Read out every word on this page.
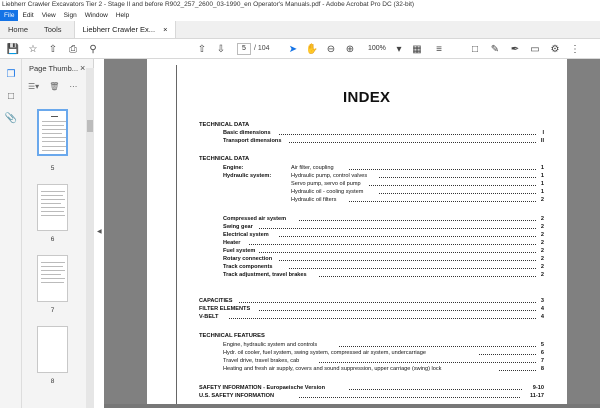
Liebherr Crawler Excavators Tier 2 - Stage II and before R902_257_2600_03-1990_en Operator's Manuals.pdf - Adobe Acrobat Pro DC (32-bit)
File	Edit	View	Sign	Window	Help
Home	Tools	Liebherr Crawler Ex... ×
💾 ☆ ⇧	⎙	⚲	⇧ ⇩	5	/ 104 ➤ ✋ ⊖ ⊕	100%	▾	▦	≡	□	✎ ✒ ▭ ⚙ ⋮
❐
□
📎
Page Thumb... ×
☰▾ 🗑 ⋯
5
6
7
8
◀
INDEX
TECHNICAL DATA
Basic dimensions	I
Transport dimensions	II
TECHNICAL DATA
Engine:	Air filter, coupling	1
Hydraulic system:	Hydraulic pump, control valves	1
Servo pump, servo oil pump	1
Hydraulic oil - cooling system	1
Hydraulic oil filters	2
Compressed air system	2
Swing gear	2
Electrical system	2
Heater	2
Fuel system	2
Rotary connection	2
Track components	2
Track adjustment, travel brakes	2
CAPACITIES	3
FILTER ELEMENTS	4
V-BELT	4
TECHNICAL FEATURES
Engine, hydraulic system and controls	5
Hydr. oil cooler, fuel system, swing system, compressed air system, undercarriage	6
Travel drive, travel brakes, cab	7
Heating and fresh air supply, covers and sound suppression, upper carriage (swing) lock	8
SAFETY INFORMATION - Europaeische Version	9-10
U.S. SAFETY INFORMATION	11-17
